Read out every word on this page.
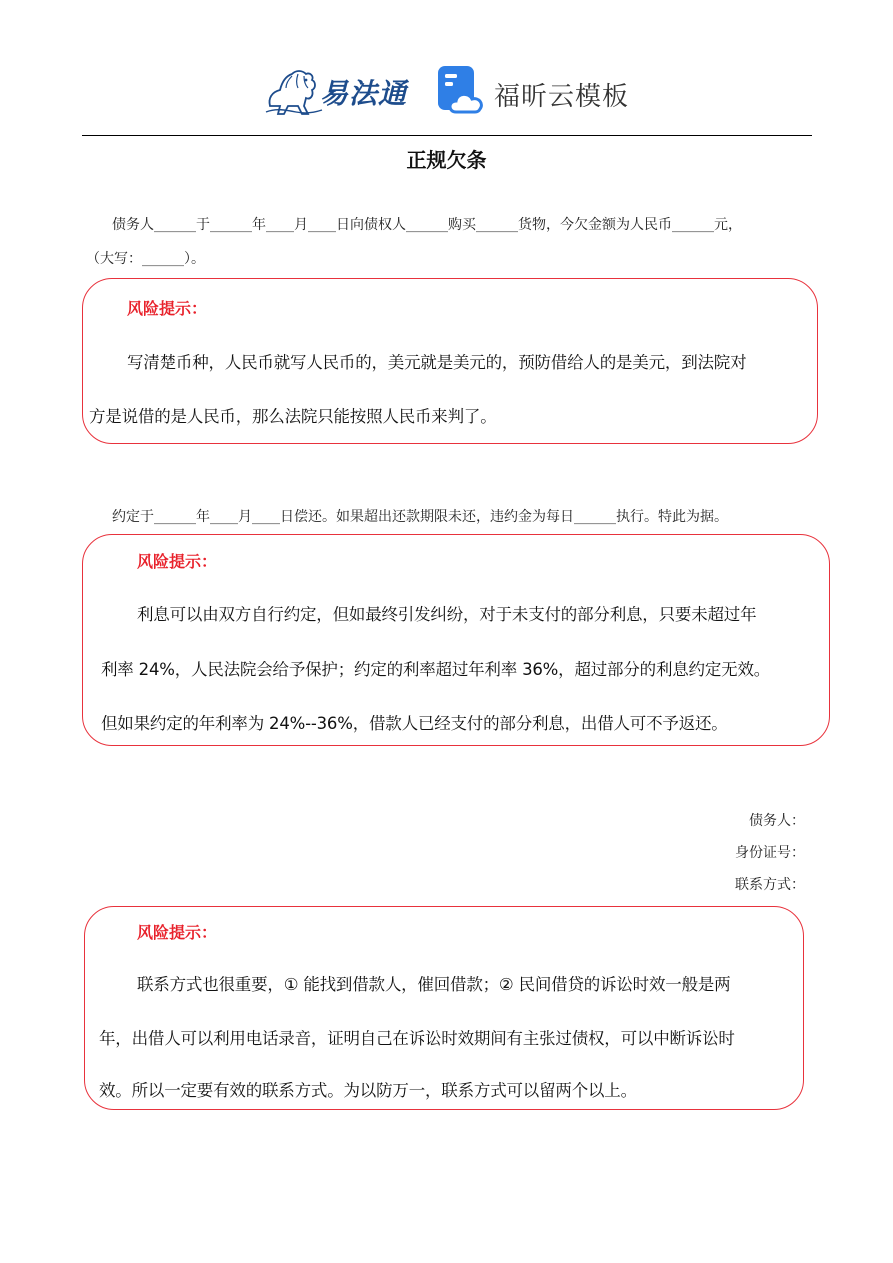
易法通	福昕云模板
正规欠条
债务人______于______年____月____日向债权人______购买______货物，今欠金额为人民币______元，
（大写：______）。
风险提示：
写清楚币种，人民币就写人民币的，美元就是美元的，预防借给人的是美元，到法院对
方是说借的是人民币，那么法院只能按照人民币来判了。
约定于______年____月____日偿还。如果超出还款期限未还，违约金为每日______执行。特此为据。
风险提示：
利息可以由双方自行约定，但如最终引发纠纷，对于未支付的部分利息，只要未超过年
利率 24%，人民法院会给予保护；约定的利率超过年利率 36%，超过部分的利息约定无效。
但如果约定的年利率为 24%--36%，借款人已经支付的部分利息，出借人可不予返还。
债务人：
身份证号：
联系方式：
风险提示：
联系方式也很重要，① 能找到借款人，催回借款；② 民间借贷的诉讼时效一般是两
年，出借人可以利用电话录音，证明自己在诉讼时效期间有主张过债权，可以中断诉讼时
效。所以一定要有效的联系方式。为以防万一，联系方式可以留两个以上。
